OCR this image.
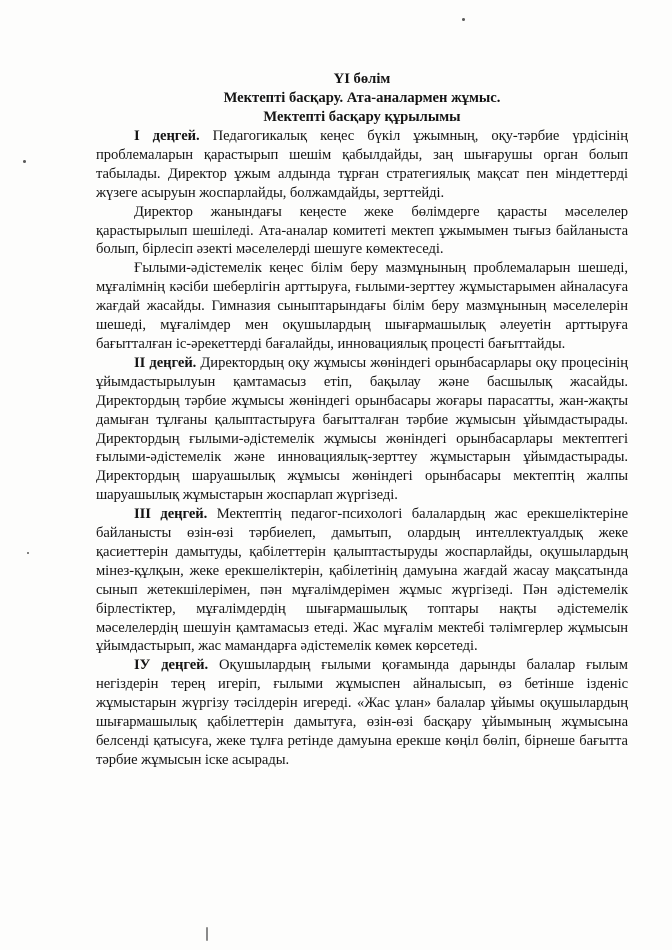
ҮІ бөлім

Мектепті басқару. Ата-аналармен жұмыс.

Мектепті басқару құрылымы

І деңгей. Педагогикалық кеңес бүкіл ұжымның, оқу-тәрбие үрдісінің проблемаларын қарастырып шешім қабылдайды, заң шығарушы орган болып табылады. Директор ұжым алдында тұрған стратегиялық мақсат пен міндеттерді жүзеге асыруын жоспарлайды, болжамдайды, зерттейді.

Директор жанындағы кеңесте жеке бөлімдерге қарасты мәселелер қарастырылып шешіледі. Ата-аналар комитеті мектеп ұжымымен тығыз байланыста болып, бірлесіп әзекті мәселелерді шешуге көмектеседі.

Ғылыми-әдістемелік кеңес білім беру мазмұнының проблемаларын шешеді, мұғалімнің кәсіби шеберлігін арттыруға, ғылыми-зерттеу жұмыстарымен айналасуға жағдай жасайды. Гимназия сыныптарындағы білім беру мазмұнының мәселелерін шешеді, мұғалімдер мен оқушылардың шығармашылық әлеуетін арттыруға бағытталған іс-әрекеттерді бағалайды, инновациялық процесті бағыттайды.

ІІ деңгей. Директордың оқу жұмысы жөніндегі орынбасарлары оқу процесінің ұйымдастырылуын қамтамасыз етіп, бақылау және басшылық жасайды. Директордың тәрбие жұмысы жөніндегі орынбасары жоғары парасатты, жан-жақты дамыған тұлғаны қалыптастыруға бағытталған тәрбие жұмысын ұйымдастырады. Директордың ғылыми-әдістемелік жұмысы жөніндегі орынбасарлары мектептегі ғылыми-әдістемелік және инновациялық-зерттеу жұмыстарын ұйымдастырады. Директордың шаруашылық жұмысы жөніндегі орынбасары мектептің жалпы шаруашылық жұмыстарын жоспарлап жүргізеді.

ІІІ деңгей. Мектептің педагог-психологі балалардың жас ерекшеліктеріне байланысты өзін-өзі тәрбиелеп, дамытып, олардың интеллектуалдық жеке қасиеттерін дамытуды, қабілеттерін қалыптастыруды жоспарлайды, оқушылардың мінез-құлқын, жеке ерекшеліктерін, қабілетінің дамуына жағдай жасау мақсатында сынып жетекшілерімен, пән мұғалімдерімен жұмыс жүргізеді. Пән әдістемелік бірлестіктер, мұғалімдердің шығармашылық топтары нақты әдістемелік мәселелердің шешуін қамтамасыз етеді. Жас мұғалім мектебі тәлімгерлер жұмысын ұйымдастырып, жас мамандарға әдістемелік көмек көрсетеді.

ІУ деңгей. Оқушылардың ғылыми қоғамында дарынды балалар ғылым негіздерін терең игеріп, ғылыми жұмыспен айналысып, өз бетінше ізденіс жұмыстарын жүргізу тәсілдерін игереді. «Жас ұлан» балалар ұйымы оқушылардың шығармашылық қабілеттерін дамытуға, өзін-өзі басқару ұйымының жұмысына белсенді қатысуға, жеке тұлға ретінде дамуына ерекше көңіл бөліп, бірнеше бағытта тәрбие жұмысын іске асырады.
